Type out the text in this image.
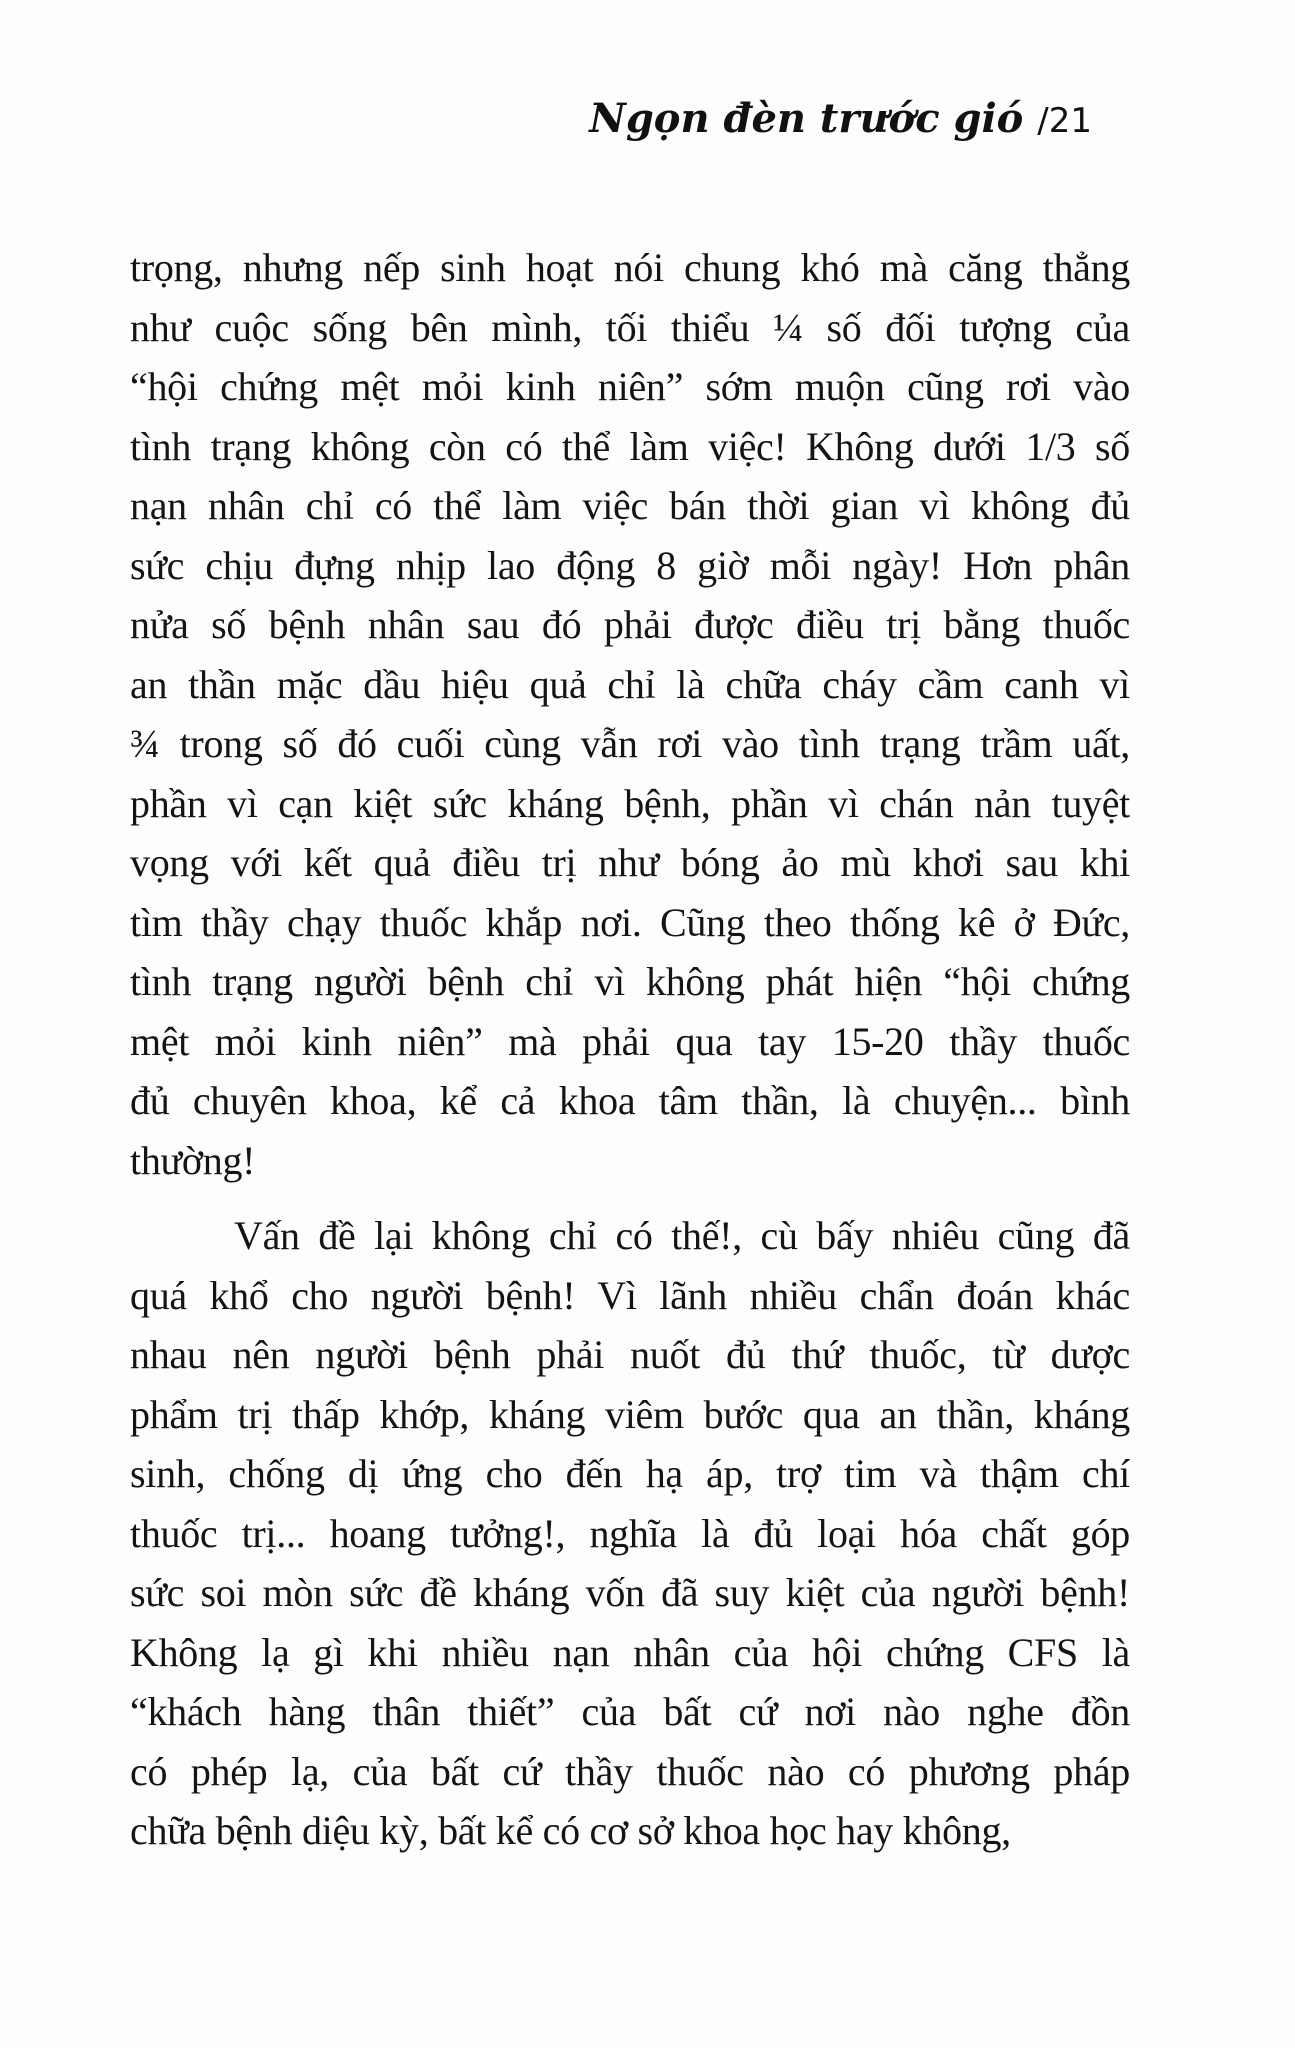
Ngọn đèn trước gió /21
trọng, nhưng nếp sinh hoạt nói chung khó mà căng thẳng
như cuộc sống bên mình, tối thiểu ¼ số đối tượng của
“hội chứng mệt mỏi kinh niên” sớm muộn cũng rơi vào
tình trạng không còn có thể làm việc! Không dưới 1/3 số
nạn nhân chỉ có thể làm việc bán thời gian vì không đủ
sức chịu đựng nhịp lao động 8 giờ mỗi ngày! Hơn phân
nửa số bệnh nhân sau đó phải được điều trị bằng thuốc
an thần mặc dầu hiệu quả chỉ là chữa cháy cầm canh vì
¾ trong số đó cuối cùng vẫn rơi vào tình trạng trầm uất,
phần vì cạn kiệt sức kháng bệnh, phần vì chán nản tuyệt
vọng với kết quả điều trị như bóng ảo mù khơi sau khi
tìm thầy chạy thuốc khắp nơi. Cũng theo thống kê ở Đức,
tình trạng người bệnh chỉ vì không phát hiện “hội chứng
mệt mỏi kinh niên” mà phải qua tay 15-20 thầy thuốc
đủ chuyên khoa, kể cả khoa tâm thần, là chuyện... bình
thường!
Vấn đề lại không chỉ có thế!, cù bấy nhiêu cũng đã
quá khổ cho người bệnh! Vì lãnh nhiều chẩn đoán khác
nhau nên người bệnh phải nuốt đủ thứ thuốc, từ dược
phẩm trị thấp khớp, kháng viêm bước qua an thần, kháng
sinh, chống dị ứng cho đến hạ áp, trợ tim và thậm chí
thuốc trị... hoang tưởng!, nghĩa là đủ loại hóa chất góp
sức soi mòn sức đề kháng vốn đã suy kiệt của người bệnh!
Không lạ gì khi nhiều nạn nhân của hội chứng CFS là
“khách hàng thân thiết” của bất cứ nơi nào nghe đồn
có phép lạ, của bất cứ thầy thuốc nào có phương pháp
chữa bệnh diệu kỳ, bất kể có cơ sở khoa học hay không,
